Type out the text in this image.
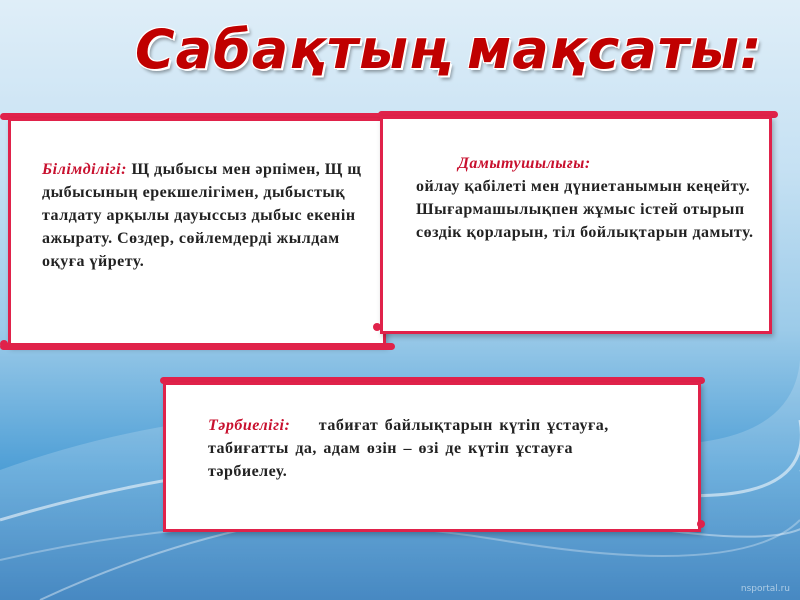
Сабақтың мақсаты:
Білімділігі: Щ дыбысы мен әрпімен, Щ щ дыбысының ерекшелігімен, дыбыстық талдату арқылы дауыссыз дыбыс екенін ажырату. Сөздер, сөйлемдерді жылдам оқуға үйрету.
Дамытушылығы:
ойлау қабілеті мен дүниетанымын кеңейту. Шығармашылықпен жұмыс істей отырып сөздік қорларын, тіл бойлықтарын дамыту.
Тәрбиелігі: табиғат байлықтарын күтіп ұстауға, табиғатты да, адам өзін – өзі де күтіп ұстауға тәрбиелеу.
nsportal.ru
